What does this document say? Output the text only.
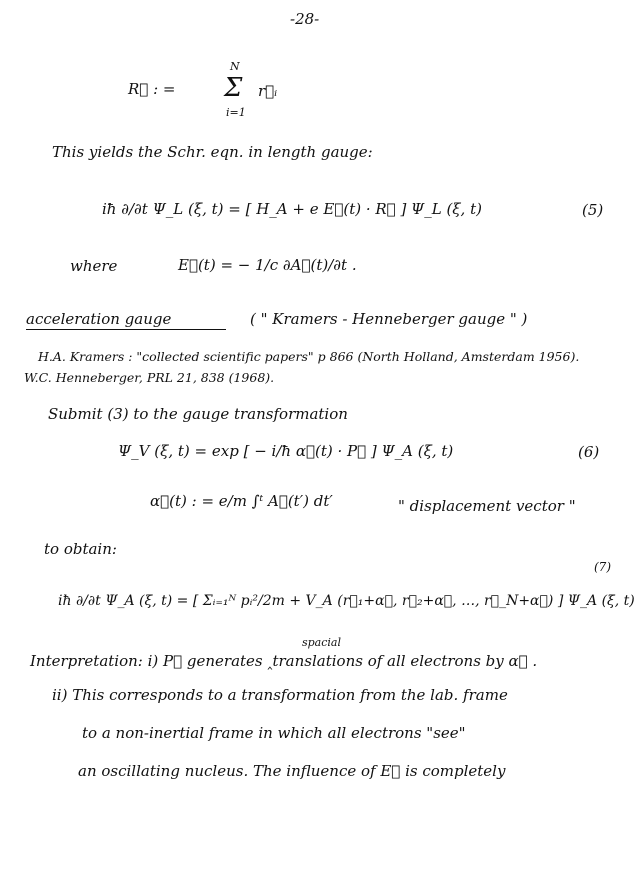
-28-
R⃗ : =
N
Σ
i=1
r⃗ᵢ
This yields the Schr. eqn. in length gauge:
iħ ∂/∂t Ψ_L (ξ, t) = [ H_A + e E⃗(t) · R⃗ ] Ψ_L (ξ, t)	(5)
where	E⃗(t) = − 1/c ∂A⃗(t)/∂t .
acceleration gauge	( " Kramers - Henneberger gauge " )
H.A. Kramers : "collected scientific papers" p 866 (North Holland, Amsterdam 1956).
W.C. Henneberger, PRL 21, 838 (1968).
Submit (3) to the gauge transformation
Ψ_V (ξ, t) = exp [ − i/ħ α⃗(t) · P⃗ ] Ψ_A (ξ, t)	(6)
α⃗(t) : = e/m ∫ᵗ A⃗(t′) dt′	" displacement vector "
to obtain:
(7)
iħ ∂/∂t Ψ_A (ξ, t) = [ Σᵢ₌₁ᴺ pᵢ²/2m + V_A (r⃗₁+α⃗, r⃗₂+α⃗, …, r⃗_N+α⃗) ] Ψ_A (ξ, t)
spacial
Interpretation: i) P⃗ generates ‸translations of all electrons by α⃗ .
ii) This corresponds to a transformation from the lab. frame
to a non-inertial frame in which all electrons "see"
an oscillating nucleus. The influence of E⃗ is completely
